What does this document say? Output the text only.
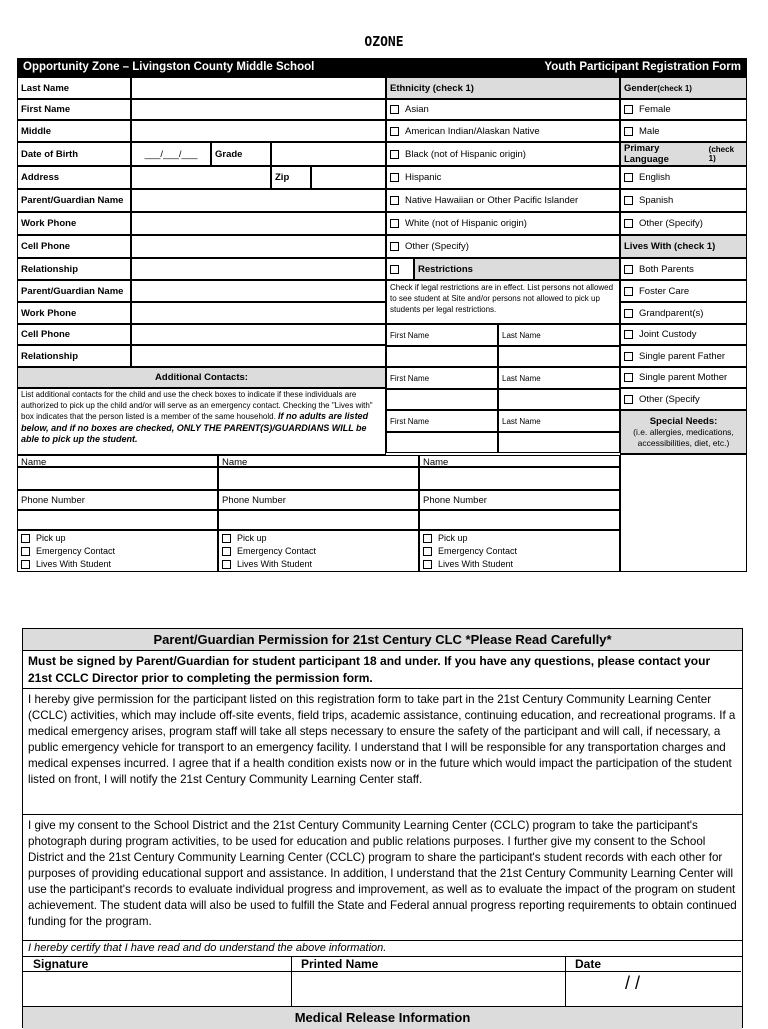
OZONE
Opportunity Zone – Livingston County Middle School	Youth Participant Registration Form
Last Name
First Name
Middle
Date of Birth	___/___/___	Grade
Address	Zip
Parent/Guardian Name
Work Phone
Cell Phone
Relationship
Parent/Guardian Name
Work Phone
Cell Phone
Relationship
Additional Contacts:
List additional contacts for the child and use the check boxes to indicate if these individuals are authorized to pick up the child and/or will serve as an emergency contact. Checking the "Lives with" box indicates that the person listed is a member of the same household. If no adults are listed below, and if no boxes are checked, ONLY THE PARENT(S)/GUARDIANS WILL be able to pick up the student.
Name
Phone Number
Pick up
Emergency Contact
Lives With Student
Name
Phone Number
Pick up
Emergency Contact
Lives With Student
Name
Phone Number
Pick up
Emergency Contact
Lives With Student
Ethnicity (check 1)
Asian
American Indian/Alaskan Native
Black (not of Hispanic origin)
Hispanic
Native Hawaiian or Other Pacific Islander
White (not of Hispanic origin)
Other (Specify)
Restrictions
Check if legal restrictions are in effect. List persons not allowed to see student at Site and/or persons not allowed to pick up students per legal restrictions.
First Name	Last Name
First Name	Last Name
First Name	Last Name
Gender (check 1)
Female
Male
Primary Language

(check 1)
English
Spanish
Other (Specify)
Lives With (check 1)
Both Parents
Foster Care
Grandparent(s)
Joint Custody
Single parent Father
Single parent Mother
Other (Specify
Special Needs:
(i.e. allergies, medications, accessibilities, diet, etc.)
Parent/Guardian Permission for 21st Century CLC *Please Read Carefully*
Must be signed by Parent/Guardian for student participant 18 and under. If you have any questions, please contact your 21st CCLC Director prior to completing the permission form.
I hereby give permission for the participant listed on this registration form to take part in the 21st Century Community Learning Center (CCLC) activities, which may include off-site events, field trips, academic assistance, continuing education, and recreational programs. If a medical emergency arises, program staff will take all steps necessary to ensure the safety of the participant and will call, if necessary, a public emergency vehicle for transport to an emergency facility. I understand that I will be responsible for any transportation charges and medical expenses incurred. I agree that if a health condition exists now or in the future which would impact the participation of the student listed on front, I will notify the 21st Century Community Learning Center staff.
I give my consent to the School District and the 21st Century Community Learning Center (CCLC) program to take the participant's photograph during program activities, to be used for education and public relations purposes. I further give my consent to the School District and the 21st Century Community Learning Center (CCLC) program to share the participant's student records with each other for purposes of providing educational support and assistance. In addition, I understand that the 21st Century Community Learning Center will use the participant's records to evaluate individual progress and improvement, as well as to evaluate the impact of the program on student achievement. The student data will also be used to fulfill the State and Federal annual progress reporting requirements to obtain continued funding for the program.
I hereby certify that I have read and do understand the above information.
Signature	Printed Name	Date
/ /
Medical Release Information
